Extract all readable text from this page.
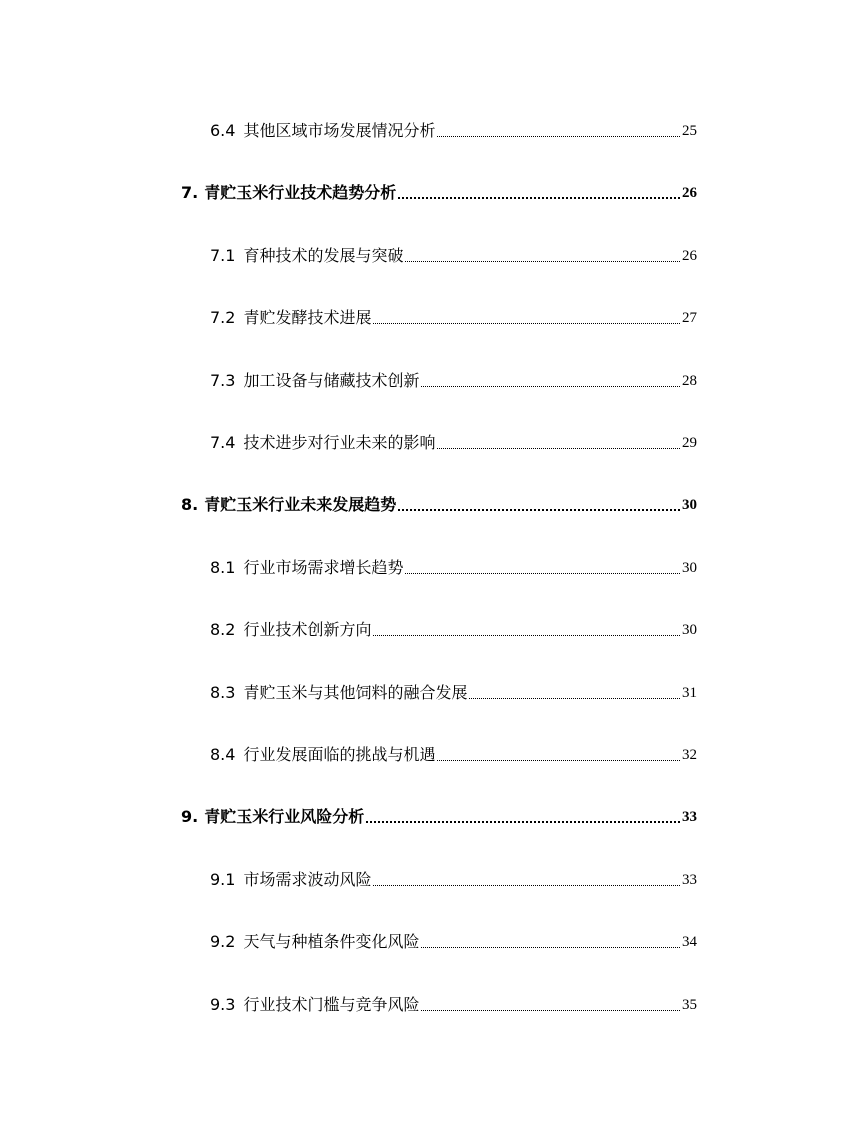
6.4 其他区域市场发展情况分析	25
7. 青贮玉米行业技术趋势分析	26
7.1 育种技术的发展与突破	26
7.2 青贮发酵技术进展	27
7.3 加工设备与储藏技术创新	28
7.4 技术进步对行业未来的影响	29
8. 青贮玉米行业未来发展趋势	30
8.1 行业市场需求增长趋势	30
8.2 行业技术创新方向	30
8.3 青贮玉米与其他饲料的融合发展	31
8.4 行业发展面临的挑战与机遇	32
9. 青贮玉米行业风险分析	33
9.1 市场需求波动风险	33
9.2 天气与种植条件变化风险	34
9.3 行业技术门槛与竞争风险	35
